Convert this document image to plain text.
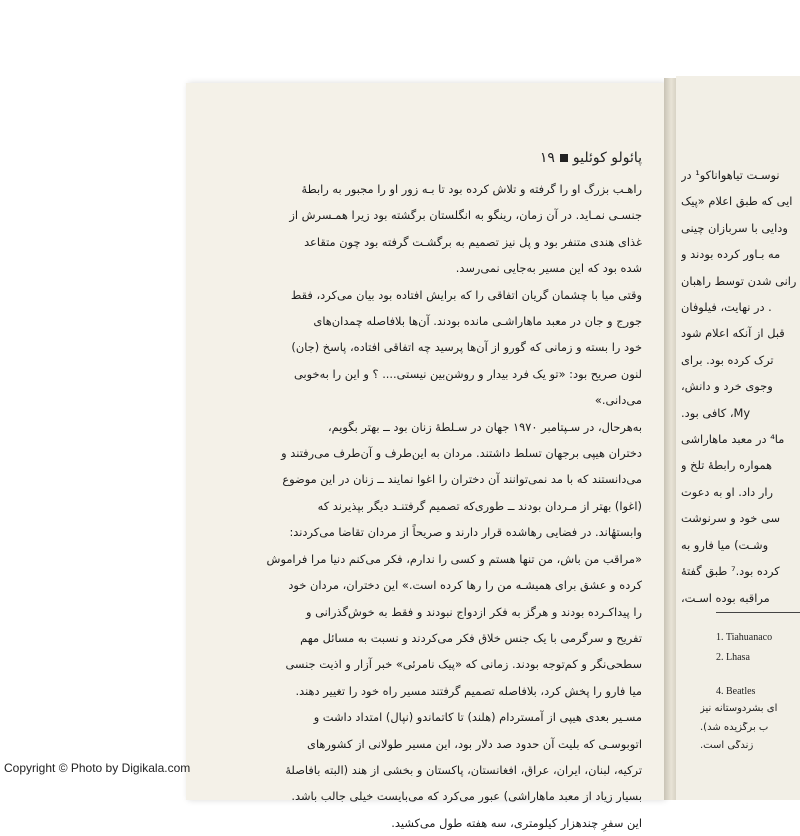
پائولو کوئلیو۱۹

راهـب بزرگ او را گرفته و تلاش کرده بود تا بـه زور او را مجبور به رابطهٔ

جنسـی نمـاید. در آن زمان، رینگو به انگلستان برگشته بود زیرا همـسرش از

غذای هندی متنفر بود و پل نیز تصمیم به برگشـت گرفته بود چون متقاعد

شده بود که این مسیر به‌جایی نمی‌رسد.

وقتی میا با چشمان گریان اتفاقی را که برایش افتاده بود بیان می‌کرد، فقط

جورج و جان در معبد ماهاراشـی مانده بودند. آن‌ها بلافاصله چمدان‌های

خود را بسته و زمانی که گورو از آن‌ها پرسید چه اتفاقی افتاده، پاسخ (جان)

لنون صریح بود: «تو یک فرد بیدار و روشن‌بین نیستی.... ؟ و این را به‌خوبی

می‌دانی.»

به‌هرحال، در سـپتامبر ۱۹۷۰ جهان در سـلطهٔ زنان بود ــ بهتر بگویم،

دختران هیپی برجهان تسلط داشتند. مردان به این‌طرف و آن‌طرف می‌رفتند و

می‌دانستند که با مد نمی‌توانند آن دختران را اغوا نمایند ــ زنان در این موضوع

(اغوا) بهتر از مـردان بودند ــ طوری‌که تصمیم گرفتنـد دیگر بپذیرند که

وابستهٔاند. در فضایی رهاشده قرار دارند و صریحاً از مردان تقاضا می‌کردند:

«مراقب من باش، من تنها هستم و کسی را ندارم، فکر می‌کنم دنیا مرا فراموش

کرده و عشق برای همیشـه من را رها کرده است.» این دختران، مردان خود

را پیداکـرده بودند و هرگز به فکر ازدواج نبودند و فقط به خوش‌گذرانی و

تفریح و سرگرمی با یک جنس خلاق فکر می‌کردند و نسبت به مسائل مهم

سطحی‌نگر و کم‌توجه بودند. زمانی که «پیک نامرئی» خبر آزار و اذیت جنسی

میا فارو را پخش کرد، بلافاصله تصمیم گرفتند مسیر راه خود را تغییر دهند.

مسـیر بعدی هیپی از آمستردام (هلند) تا کاتماندو (نپال) امتداد داشت و

اتوبوسـی که بلیت آن حدود صد دلار بود، این مسیر طولانی از کشورهای

ترکیه، لبنان، ایران، عراق، افغانستان، پاکستان و بخشی از هند (البته بافاصلهٔ

بسیار زیاد از معبد ماهاراشی) عبور می‌کرد که می‌بایست خیلی جالب باشد.

این سفرِ چندهزار کیلومتری، سه هفته طول می‌کشید.

نوسـت تیاهواناکو¹ در

ایی که طبق اعلام «پیک

ودایی با سربازان چینی

مه بـاور کرده بودند و

رانی شدن توسط راهبان

. در نهایت، فیلوفان

قبل از آنکه اعلام شود

ترک کرده بود. برای

وجوی خرد و دانش،

My، کافی بود.

ما⁴ در معبد ماهاراشی

همواره رابطهٔ تلخ و

رار داد. او به دعوت

سی خود و سرنوشت

وشـت) میا فارو به

کرده بود.⁷ طبق گفتهٔ

مراقبه بوده اسـت،

1. Tiahuanaco
2. Lhasa
4. Beatles
ای بشردوستانه نیز
ب برگزیده شد).
زندگی است.
Copyright © Photo by Digikala.com
